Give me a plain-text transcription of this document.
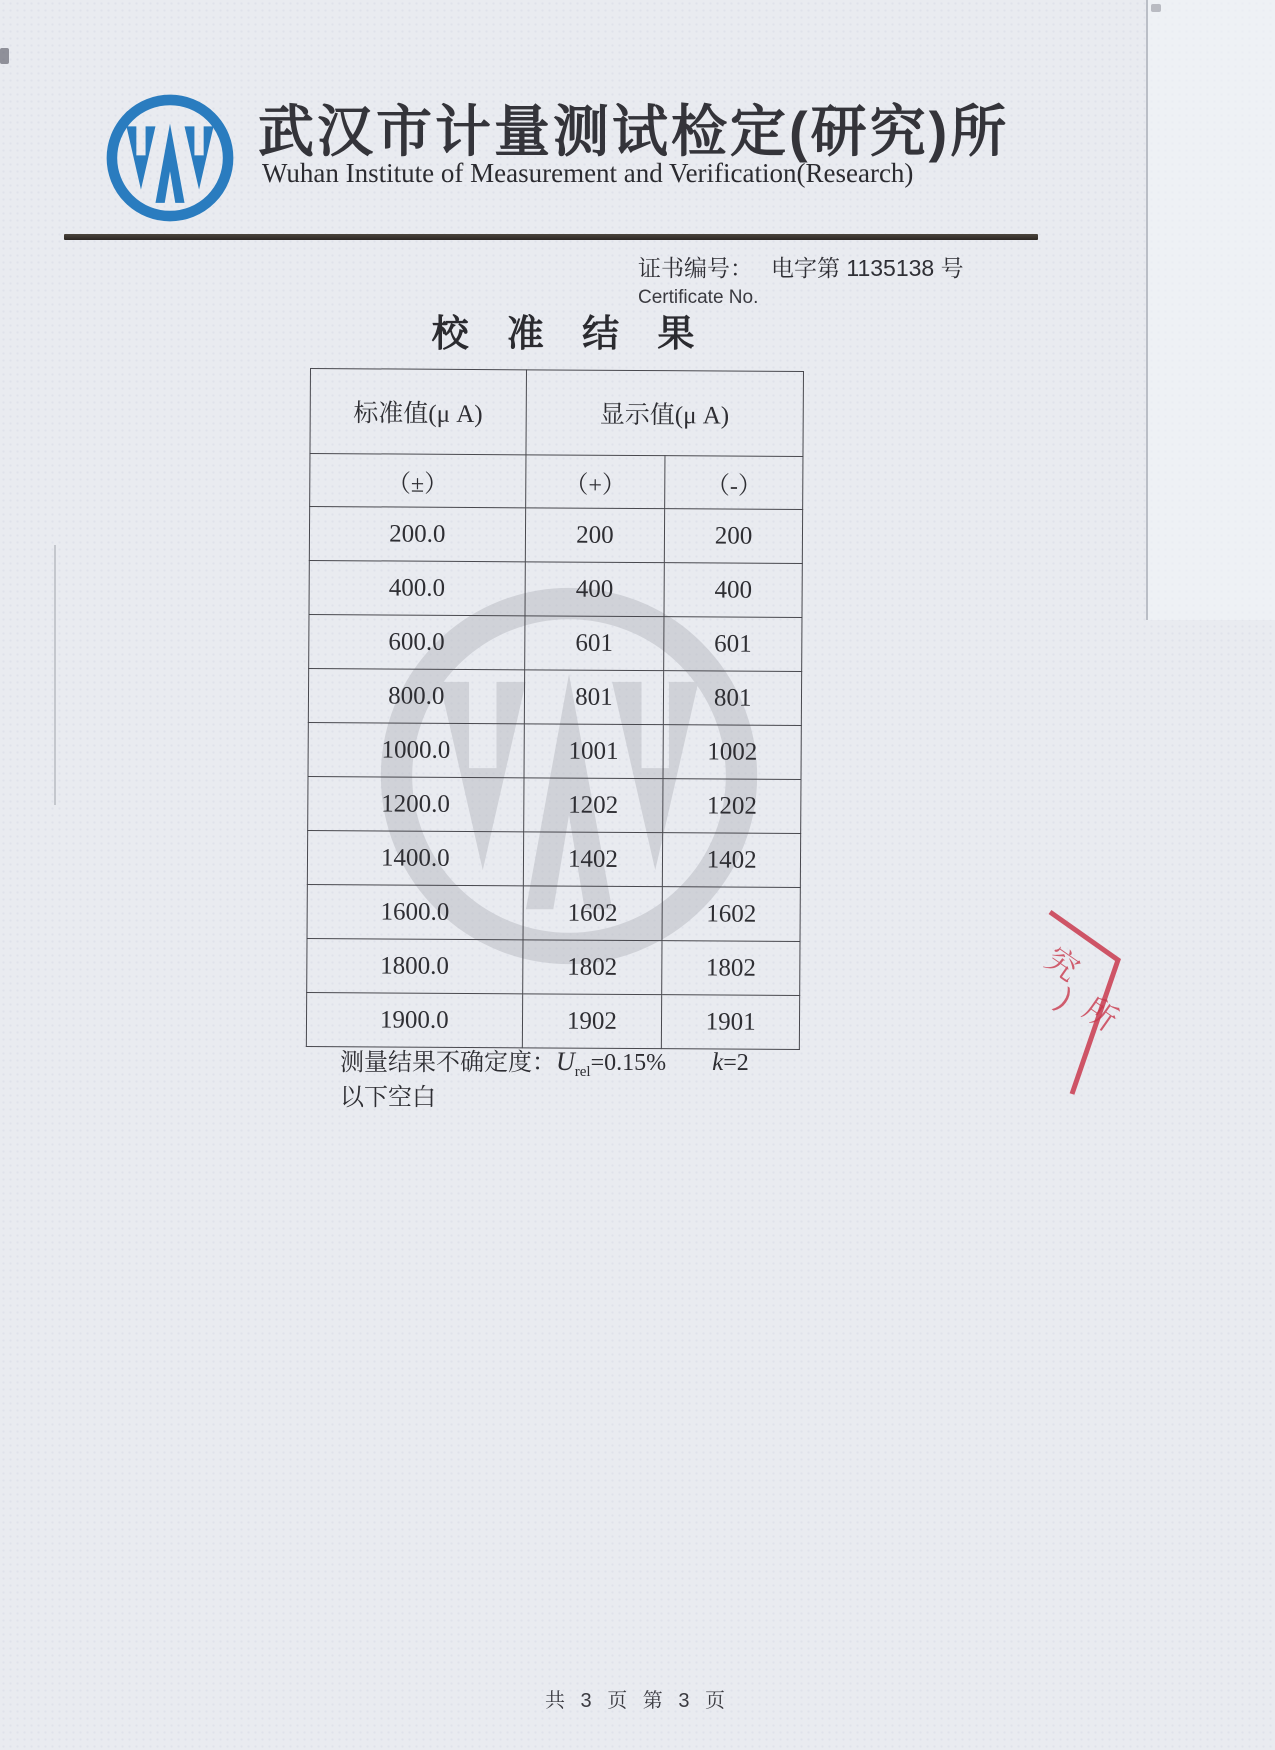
武汉市计量测试检定(研究)所
Wuhan Institute of Measurement and Verification(Research)
证书编号： 电字第 1135138 号
Certificate No.
校 准 结 果
标准值(μ A)	显示值(μ A)	
（±）	（+）	（-）
200.0	200	200
400.0	400	400
600.0	601	601
800.0	801	801
1000.0	1001	1002
1200.0	1202	1202
1400.0	1402	1402
1600.0	1602	1602
1800.0	1802	1802
1900.0	1902	1901
测量结果不确定度： $U_{rel}=0.15\%$ k =2
以下空白
究
)
所
共 3 页 第 3 页
